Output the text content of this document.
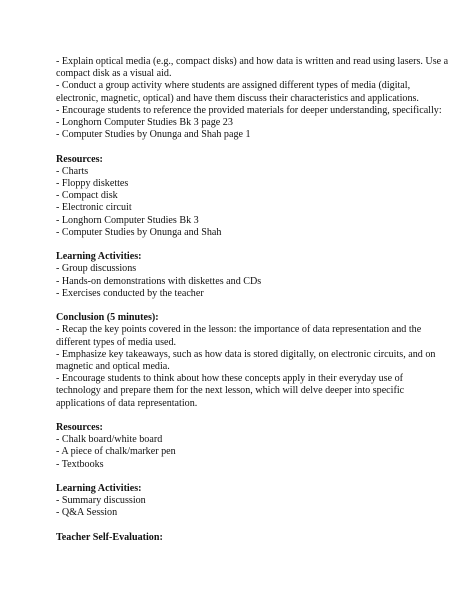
- Explain optical media (e.g., compact disks) and how data is written and read using lasers. Use a
compact disk as a visual aid.
- Conduct a group activity where students are assigned different types of media (digital,
electronic, magnetic, optical) and have them discuss their characteristics and applications.
- Encourage students to reference the provided materials for deeper understanding, specifically:
- Longhorn Computer Studies Bk 3 page 23
- Computer Studies by Onunga and Shah page 1
Resources:
- Charts
- Floppy diskettes
- Compact disk
- Electronic circuit
- Longhorn Computer Studies Bk 3
- Computer Studies by Onunga and Shah
Learning Activities:
- Group discussions
- Hands-on demonstrations with diskettes and CDs
- Exercises conducted by the teacher
Conclusion (5 minutes):
- Recap the key points covered in the lesson: the importance of data representation and the
different types of media used.
- Emphasize key takeaways, such as how data is stored digitally, on electronic circuits, and on
magnetic and optical media.
- Encourage students to think about how these concepts apply in their everyday use of
technology and prepare them for the next lesson, which will delve deeper into specific
applications of data representation.
Resources:
- Chalk board/white board
- A piece of chalk/marker pen
- Textbooks
Learning Activities:
- Summary discussion
- Q&A Session
Teacher Self-Evaluation:
